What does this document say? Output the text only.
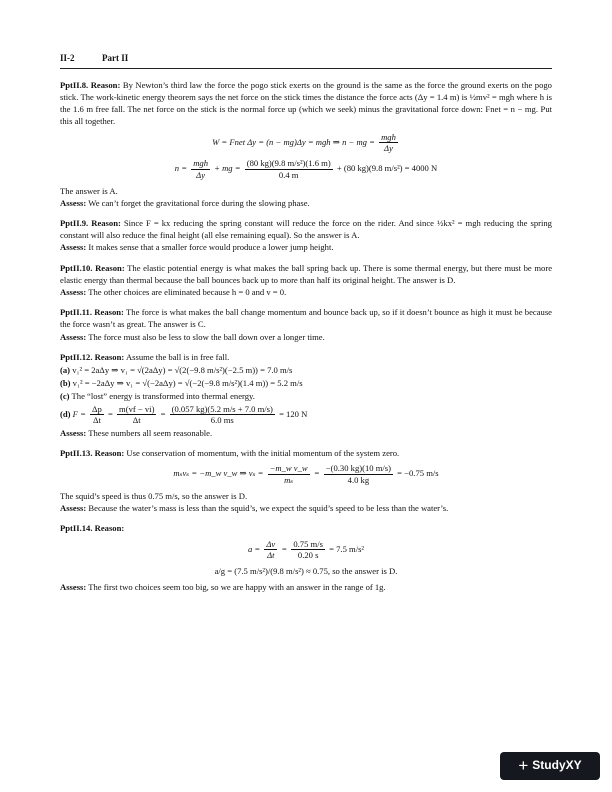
II-2	Part II

PptII.8. Reason: By Newton’s third law the force the pogo stick exerts on the ground is the same as the force the ground exerts on the pogo stick. The work-kinetic energy theorem says the net force on the stick times the distance the force acts (Δy = 1.4 m) is ½mv² = mgh where h is the 1.6 m free fall. The net force on the stick is the normal force up (which we seek) minus the gravitational force down: Fnet = n − mg. Put this all together.

W = Fnet Δy = (n − mg)Δy = mgh ⇒ n − mg = $\frac{\text{mgh}}{\Delta y}$
$n = \frac{\text{mgh}}{\Delta y}$ + mg = $\frac{\text{(80 kg)(9.8 m/s²)(1.6 m)}}{0.4 m} + (80$ kg)(9.8 m/s²) = 4000 N

The answer is A.

Assess: We can’t forget the gravitational force during the slowing phase.

PptII.9. Reason: Since F = kx reducing the spring constant will reduce the force on the rider. And since ½kx² = mgh reducing the spring constant will also reduce the final height (all else remaining equal). So the answer is A.

Assess: It makes sense that a smaller force would produce a lower jump height.

PptII.10. Reason: The elastic potential energy is what makes the ball spring back up. There is some thermal energy, but there must be more elastic energy than thermal because the ball bounces back up to more than half its original height. The answer is D.

Assess: The other choices are eliminated because h = 0 and v = 0.

PptII.11. Reason: The force is what makes the ball change momentum and bounce back up, so if it doesn’t bounce as high it must be because the force wasn’t as great. The answer is C.

Assess: The force must also be less to slow the ball down over a longer time.

PptII.12. Reason: Assume the ball is in free fall.

(a) v₁² = 2aΔy ⇒ v₁ = √(2aΔy) = √(2(−9.8 m/s²)(−2.5 m)) = 7.0 m/s
(b) v₁² = −2aΔy ⇒ v₁ = √(−2aΔy) = √(−2(−9.8 m/s²)(1.4 m)) = 5.2 m/s
(c) The “lost” energy is transformed into thermal energy.
(d) $F = \frac{\Delta p}{\Delta t} = \frac{m(vf - vi)}{\Delta t} = \frac{(0.057 kg)(5.2 m/s + 7.0 m/s)}{6.0 ms} = 120$ N

Assess: These numbers all seem reasonable.

PptII.13. Reason: Use conservation of momentum, with the initial momentum of the system zero.

mₛvₛ = −m_w v_w ⇒ $v_s = \frac{\text{−m\_w v\_w}}{\text{mₛ}} = \frac{-(0.30 kg)(10 m/s)}{4.0 kg} = -0.75$ m/s

The squid’s speed is thus 0.75 m/s, so the answer is D.

Assess: Because the water’s mass is less than the squid’s, we expect the squid’s speed to be less than the water’s.

PptII.14. Reason:

$a = \frac{\Delta v}{\Delta t} = \frac{0.75 m/s}{0.20 s} = 7.5$ m/s²
a/g = (7.5 m/s²)/(9.8 m/s²) ≈ 0.75, so the answer is D.

Assess: The first two choices seem too big, so we are happy with an answer in the range of 1g.

+ StudyXY
